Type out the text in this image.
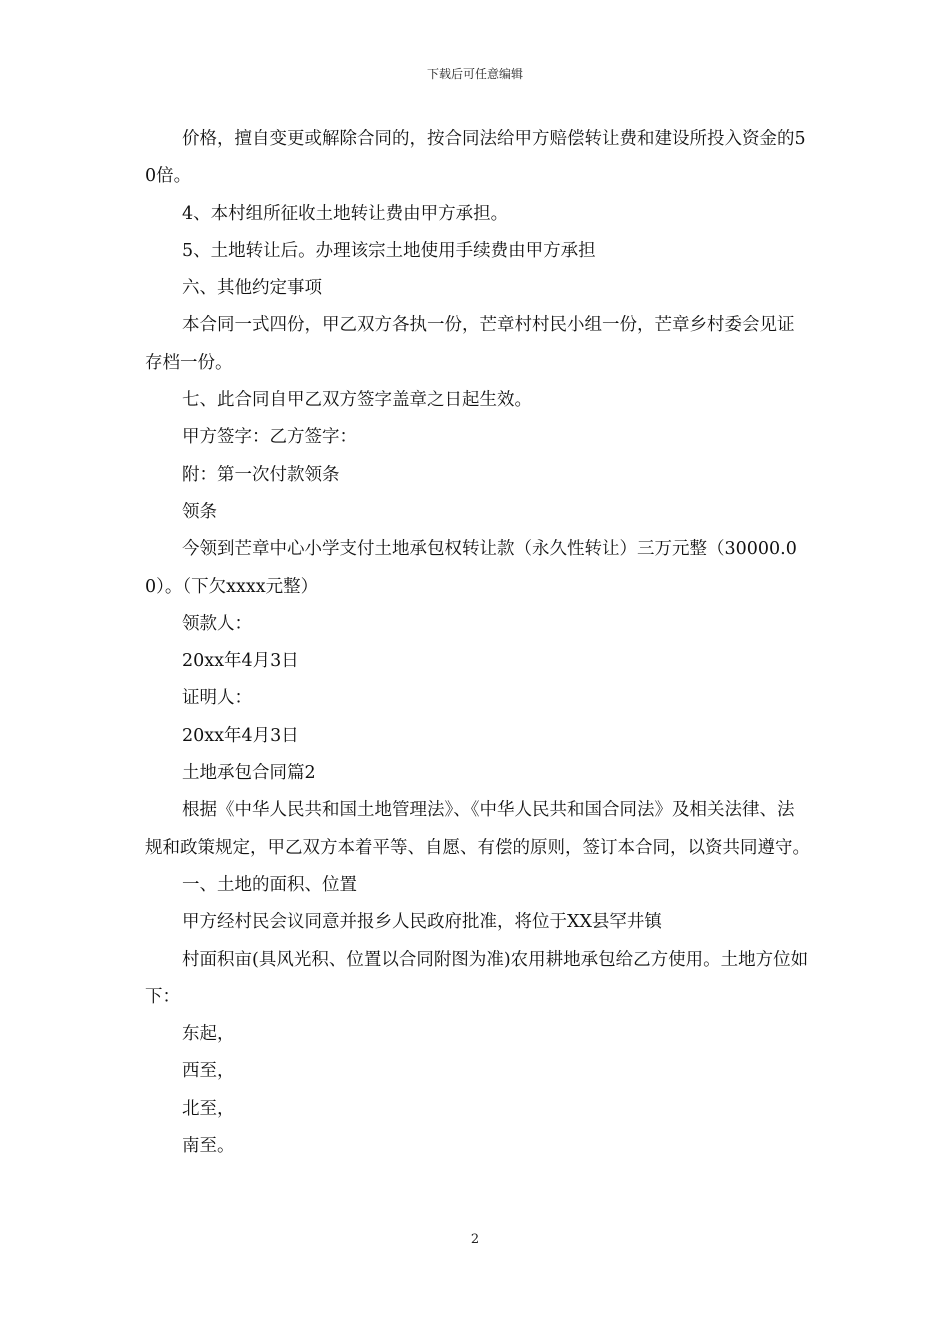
下载后可任意编辑

价格，擅自变更或解除合同的，按合同法给甲方赔偿转让费和建设所投入资金的50倍。

4、本村组所征收土地转让费由甲方承担。

5、土地转让后。办理该宗土地使用手续费由甲方承担

六、其他约定事项

本合同一式四份，甲乙双方各执一份，芒章村村民小组一份，芒章乡村委会见证存档一份。

七、此合同自甲乙双方签字盖章之日起生效。

甲方签字：乙方签字：

附：第一次付款领条

领条

今领到芒章中心小学支付土地承包权转让款（永久性转让）三万元整（30000.00）。（下欠xxxx元整）

领款人：

20xx年4月3日

证明人：

20xx年4月3日

土地承包合同篇2

根据《中华人民共和国土地管理法》、《中华人民共和国合同法》及相关法律、法规和政策规定，甲乙双方本着平等、自愿、有偿的原则，签订本合同，以资共同遵守。

一、土地的面积、位置

甲方经村民会议同意并报乡人民政府批准，将位于XX县罕井镇

村面积亩(具风光积、位置以合同附图为准)农用耕地承包给乙方使用。土地方位如下：

东起，

西至，

北至，

南至。

2
